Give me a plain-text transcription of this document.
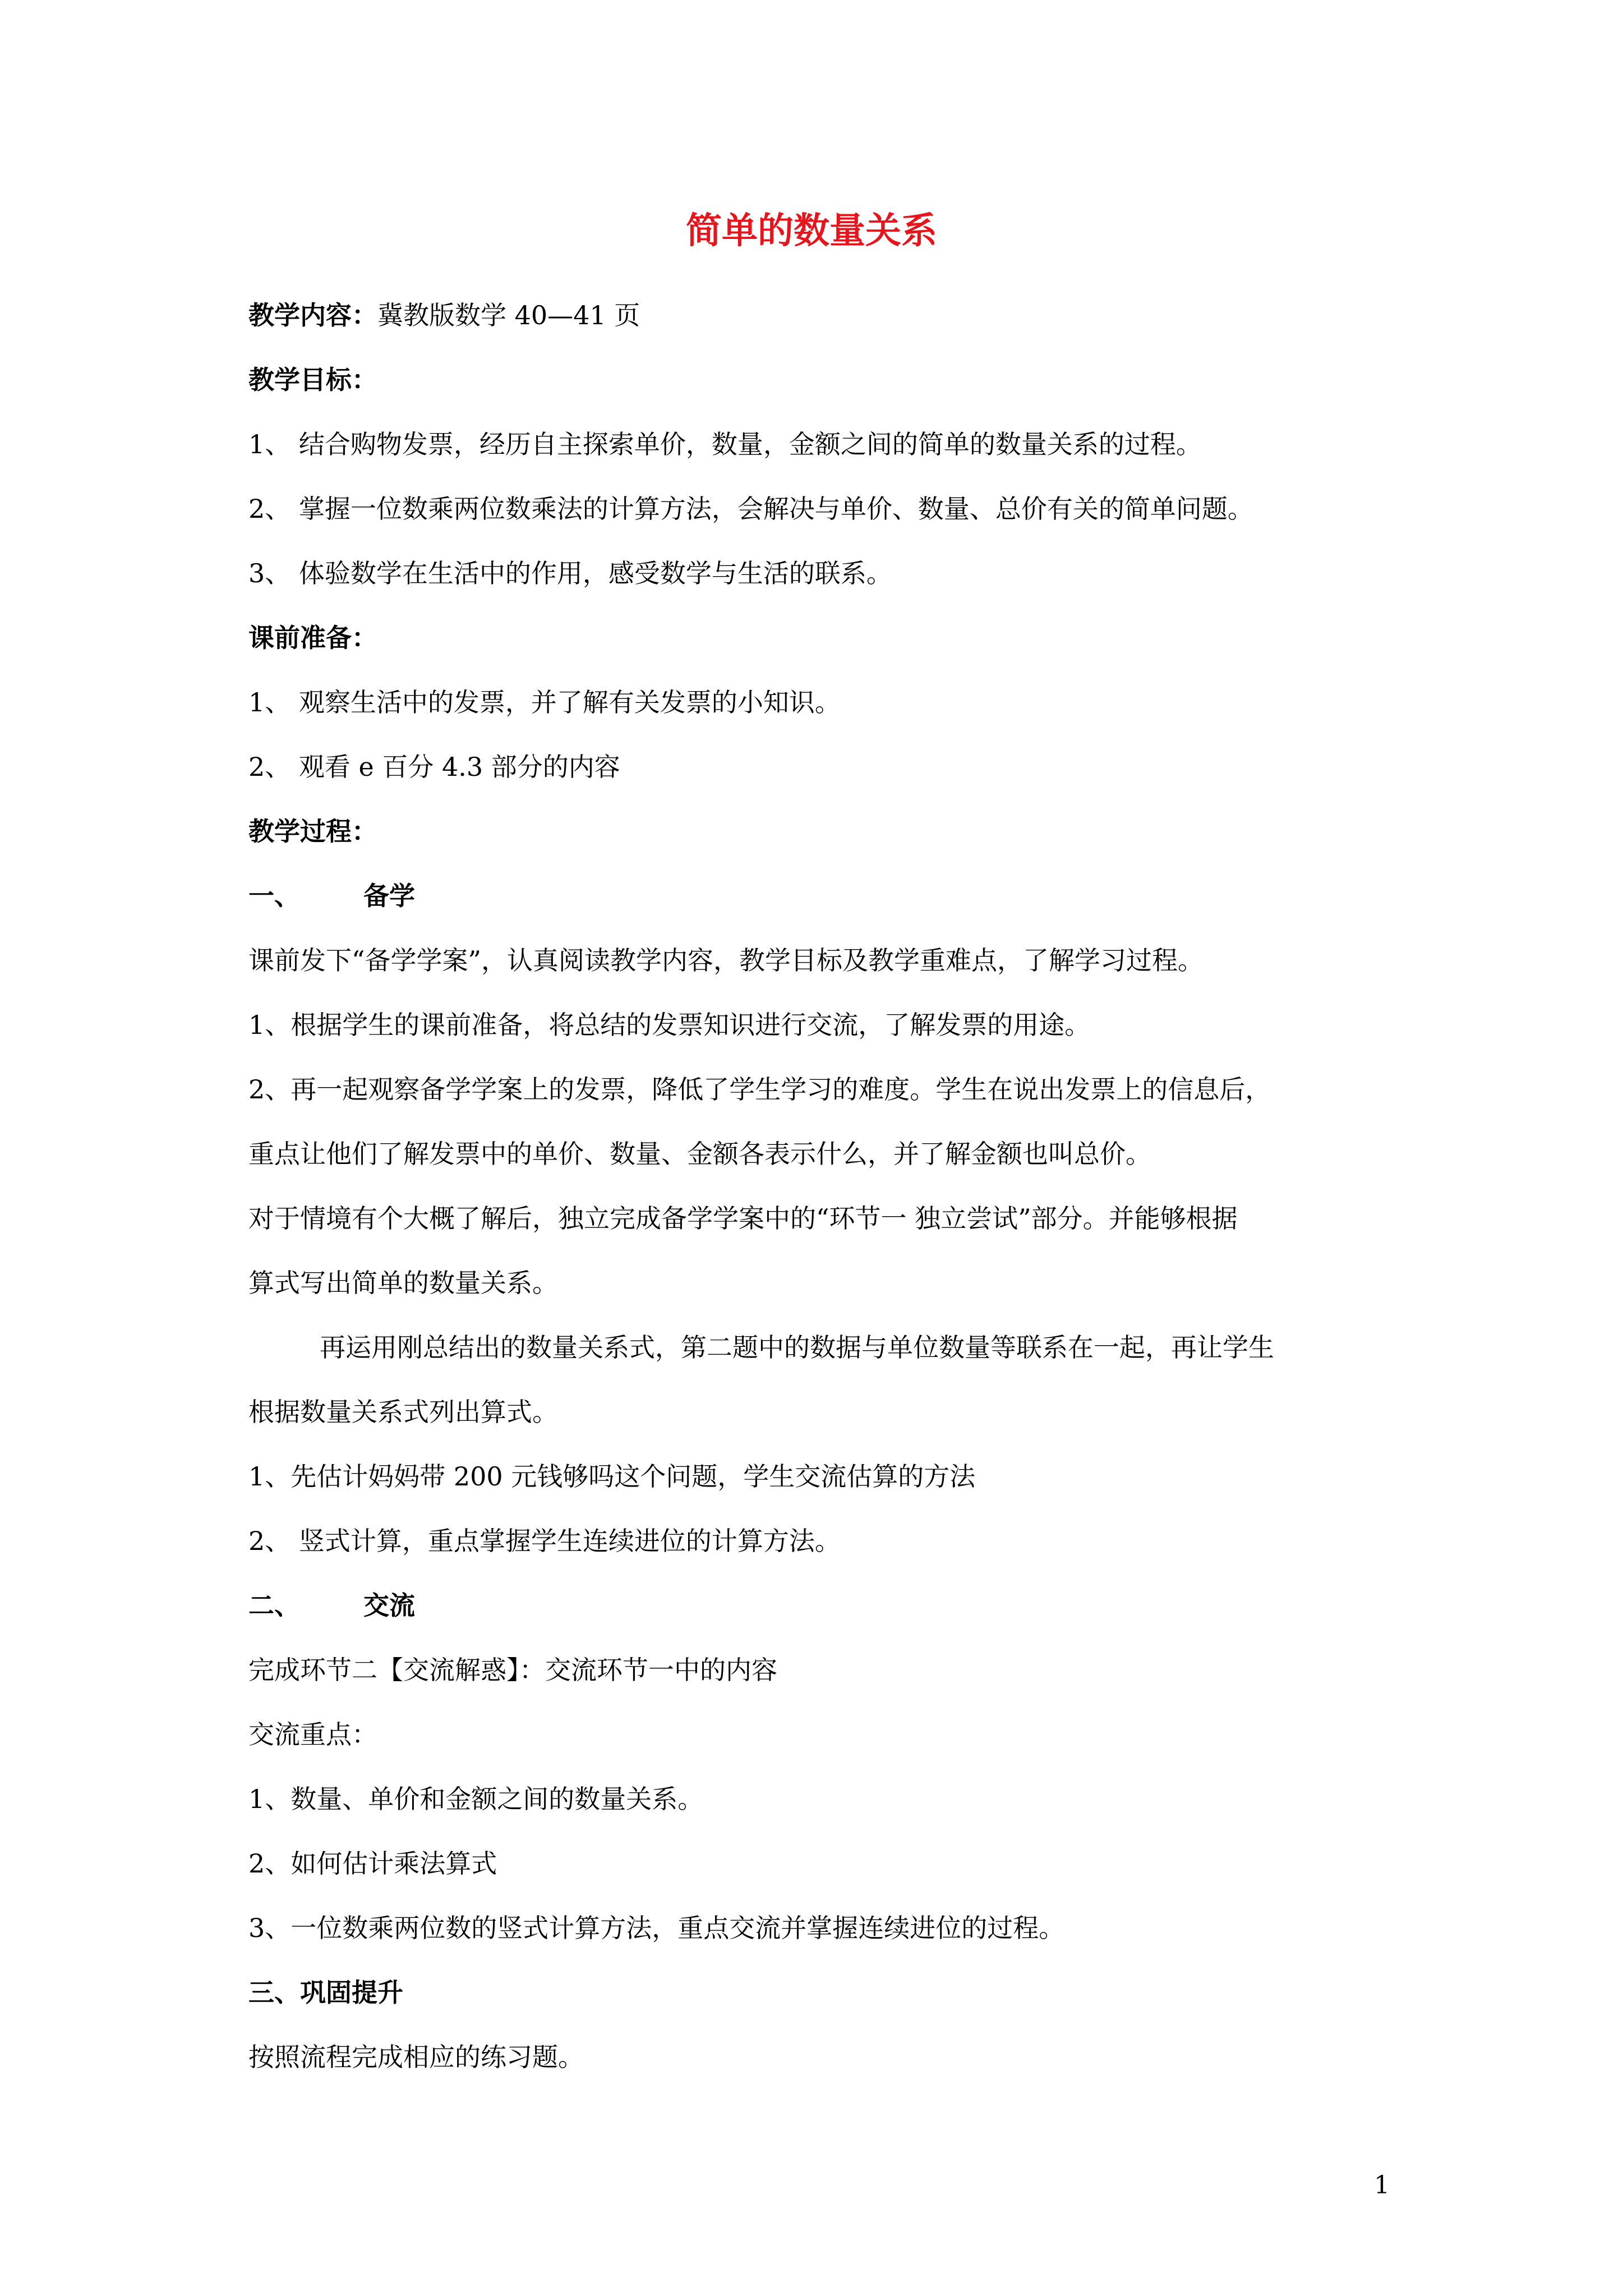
简单的数量关系
教学内容：冀教版数学 40—41 页
教学目标：
1、 结合购物发票，经历自主探索单价，数量，金额之间的简单的数量关系的过程。
2、 掌握一位数乘两位数乘法的计算方法，会解决与单价、数量、总价有关的简单问题。
3、 体验数学在生活中的作用，感受数学与生活的联系。
课前准备：
1、 观察生活中的发票，并了解有关发票的小知识。
2、 观看 e 百分 4.3 部分的内容
教学过程：
一、 备学
课前发下“备学学案”，认真阅读教学内容，教学目标及教学重难点，了解学习过程。
1、根据学生的课前准备，将总结的发票知识进行交流，了解发票的用途。
2、再一起观察备学学案上的发票，降低了学生学习的难度。学生在说出发票上的信息后，
重点让他们了解发票中的单价、数量、金额各表示什么，并了解金额也叫总价。
对于情境有个大概了解后，独立完成备学学案中的“环节一 独立尝试”部分。并能够根据
算式写出简单的数量关系。
再运用刚总结出的数量关系式，第二题中的数据与单位数量等联系在一起，再让学生
根据数量关系式列出算式。
1、先估计妈妈带 200 元钱够吗这个问题，学生交流估算的方法
2、 竖式计算，重点掌握学生连续进位的计算方法。
二、 交流
完成环节二【交流解惑】：交流环节一中的内容
交流重点：
1、数量、单价和金额之间的数量关系。
2、如何估计乘法算式
3、一位数乘两位数的竖式计算方法，重点交流并掌握连续进位的过程。
三、巩固提升
按照流程完成相应的练习题。
1
